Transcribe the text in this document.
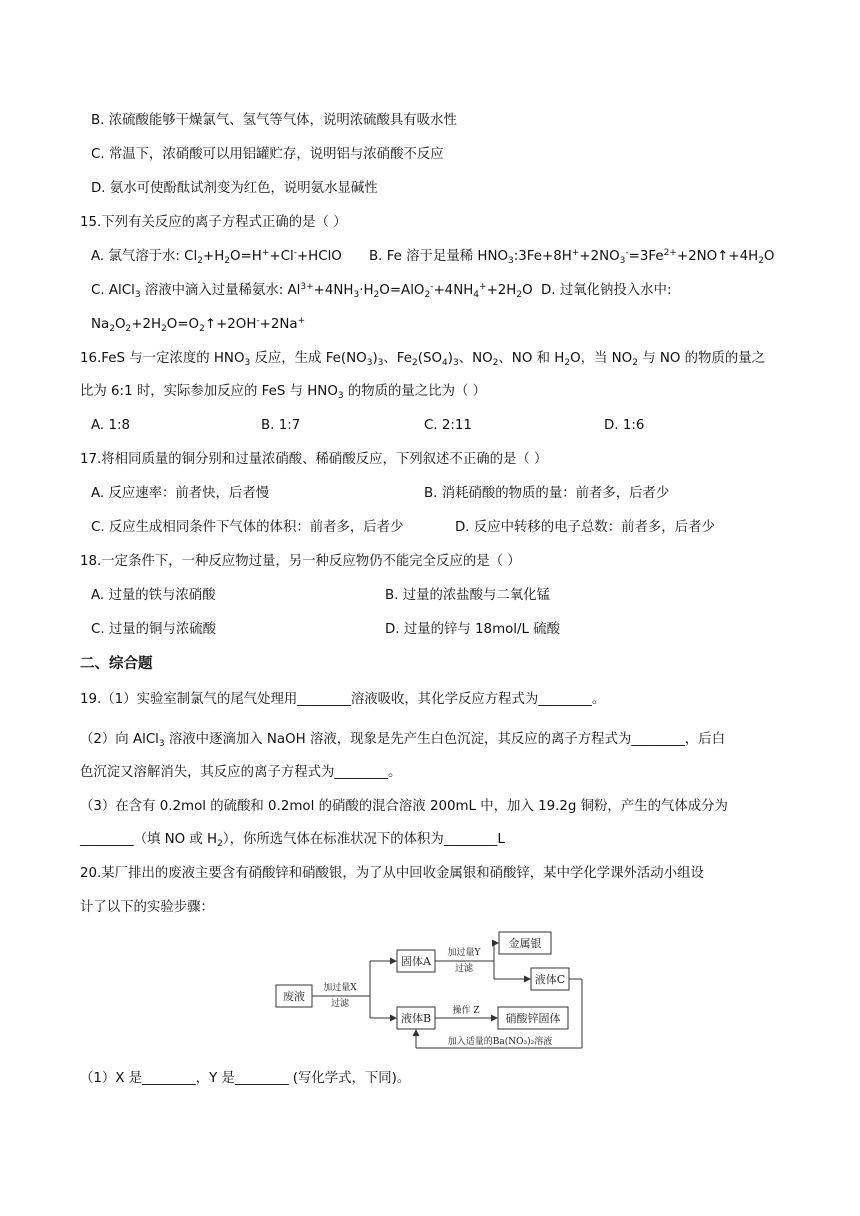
B. 浓硫酸能够干燥氯气、氢气等气体，说明浓硫酸具有吸水性
C. 常温下，浓硝酸可以用铝罐贮存，说明铝与浓硝酸不反应
D. 氨水可使酚酞试剂变为红色，说明氨水显碱性
15.下列有关反应的离子方程式正确的是（ ）
A. 氯气溶于水: $Cl_2+H_2O=H^++Cl^-+HClO$ B. Fe 溶于足量稀 $HNO_3:3Fe+8H^++2NO_3^-=3Fe^{2+}+2NO↑+4H_2O$
C. AlCl$_3$ 溶液中滴入过量稀氨水: $Al^{3+}+4NH_3\cdot H_2O=AlO_2^-+4NH_4^++2H_2O$ D. 过氧化钠投入水中:
$Na_2O_2+2H_2O=O_2↑+2OH^-+2Na^+$
16.FeS 与一定浓度的 $HNO_3$ 反应，生成 $Fe(NO_3)_3$、$Fe_2(SO_4)_3$、$NO_2$、NO 和 $H_2O$，当 $NO_2$ 与 NO 的物质的量之
比为 6:1 时，实际参加反应的 FeS 与 $HNO_3$ 的物质的量之比为（ ）
A. 1:8	B. 1:7	C. 2:11	D. 1:6
17.将相同质量的铜分别和过量浓硝酸、稀硝酸反应，下列叙述不正确的是（ ）
A. 反应速率：前者快，后者慢	B. 消耗硝酸的物质的量：前者多，后者少
C. 反应生成相同条件下气体的体积：前者多，后者少	D. 反应中转移的电子总数：前者多，后者少
18.一定条件下，一种反应物过量，另一种反应物仍不能完全反应的是（ ）
A. 过量的铁与浓硝酸	B. 过量的浓盐酸与二氧化锰
C. 过量的铜与浓硫酸	D. 过量的锌与 18mol/L 硫酸
二、综合题
19.（1）实验室制氯气的尾气处理用________溶液吸收，其化学反应方程式为________。
（2）向 AlCl$_3$ 溶液中逐滴加入 NaOH 溶液，现象是先产生白色沉淀，其反应的离子方程式为________，后白
色沉淀又溶解消失，其反应的离子方程式为________。
（3）在含有 0.2mol 的硫酸和 0.2mol 的硝酸的混合溶液 200mL 中，加入 19.2g 铜粉，产生的气体成分为
________（填 NO 或 $H_2$），你所选气体在标准状况下的体积为________L
20.某厂排出的废液主要含有硝酸锌和硝酸银，为了从中回收金属银和硝酸锌，某中学化学课外活动小组设
计了以下的实验步骤：
废液
加过量X
过滤
固体A
加过量Y
过滤
金属银
液体C
液体B
操作 Z
硝酸锌固体
加入适量的Ba(NO₃)₂溶液
（1）X 是________，Y 是________ (写化学式，下同)。
